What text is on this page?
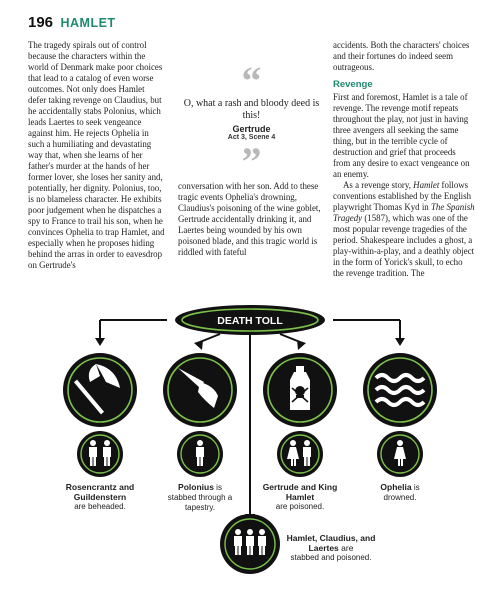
196 HAMLET

The tragedy spirals out of control because the characters within the world of Denmark make poor choices that lead to a catalog of even worse outcomes. Not only does Hamlet defer taking revenge on Claudius, but he accidentally stabs Polonius, which leads Laertes to seek vengeance against him. He rejects Ophelia in such a humiliating and devastating way that, when she learns of her father's murder at the hands of her former lover, she loses her sanity and, potentially, her dignity. Polonius, too, is no blameless character. He exhibits poor judgement when he dispatches a spy to France to trail his son, when he convinces Ophelia to trap Hamlet, and especially when he proposes hiding behind the arras in order to eavesdrop on Gertrude's

“
O, what a rash and bloody deed is this!
Gertrude
Act 3, Scene 4
”

conversation with her son. Add to these tragic events Ophelia's drowning, Claudius's poisoning of the wine goblet, Gertrude accidentally drinking it, and Laertes being wounded by his own poisoned blade, and this tragic world is riddled with fateful

accidents. Both the characters' choices and their fortunes do indeed seem outrageous.

Revenge

First and foremost, Hamlet is a tale of revenge. The revenge motif repeats throughout the play, not just in having three avengers all seeking the same thing, but in the terrible cycle of destruction and grief that proceeds from any desire to exact vengeance on an enemy.

As a revenge story, Hamlet follows conventions established by the English playwright Thomas Kyd in The Spanish Tragedy (1587), which was one of the most popular revenge tragedies of the period. Shakespeare includes a ghost, a play-within-a-play, and a deathly object in the form of Yorick's skull, to echo the revenge tradition. The

DEATH TOLL
Rosencrantz and Guildenstern
are beheaded.
Polonius is
stabbed through a tapestry.
Gertrude and King Hamlet
are poisoned.
Ophelia is
drowned.
Hamlet, Claudius, and Laertes are
stabbed and poisoned.
